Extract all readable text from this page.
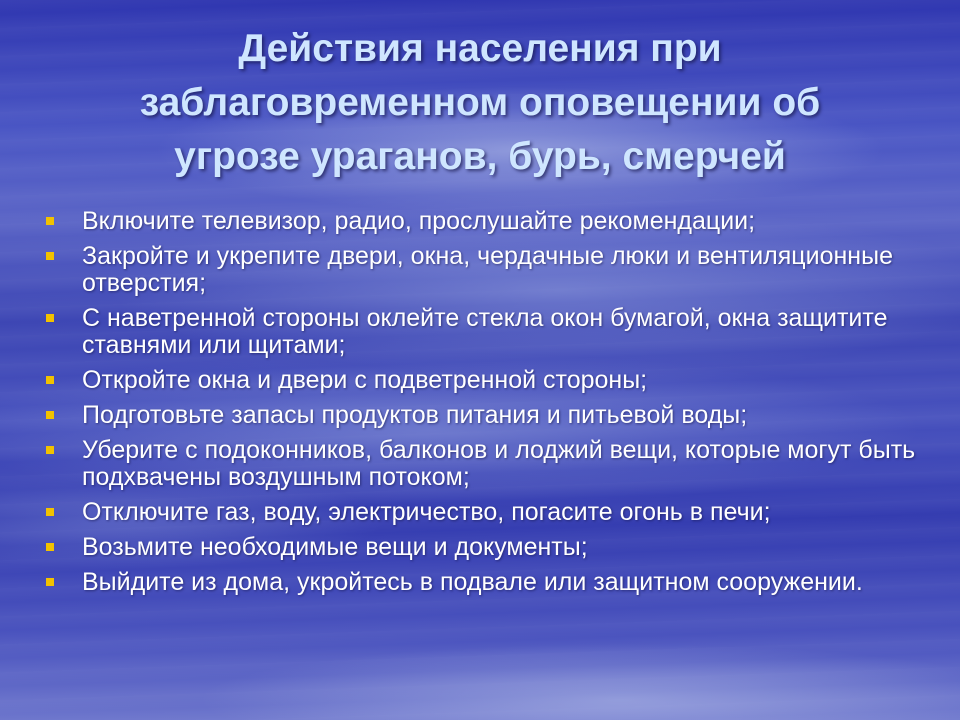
Действия населения при
заблаговременном оповещении об
угрозе ураганов, бурь, смерчей
Включите телевизор, радио, прослушайте рекомендации;
Закройте и укрепите двери, окна, чердачные люки и вентиляционные отверстия;
С наветренной стороны оклейте стекла окон бумагой, окна защитите ставнями или щитами;
Откройте окна и двери с подветренной стороны;
Подготовьте запасы продуктов питания и питьевой воды;
Уберите с подоконников, балконов и лоджий вещи, которые могут быть подхвачены воздушным потоком;
Отключите газ, воду, электричество, погасите огонь в печи;
Возьмите необходимые вещи и документы;
Выйдите из дома, укройтесь в подвале или защитном сооружении.
